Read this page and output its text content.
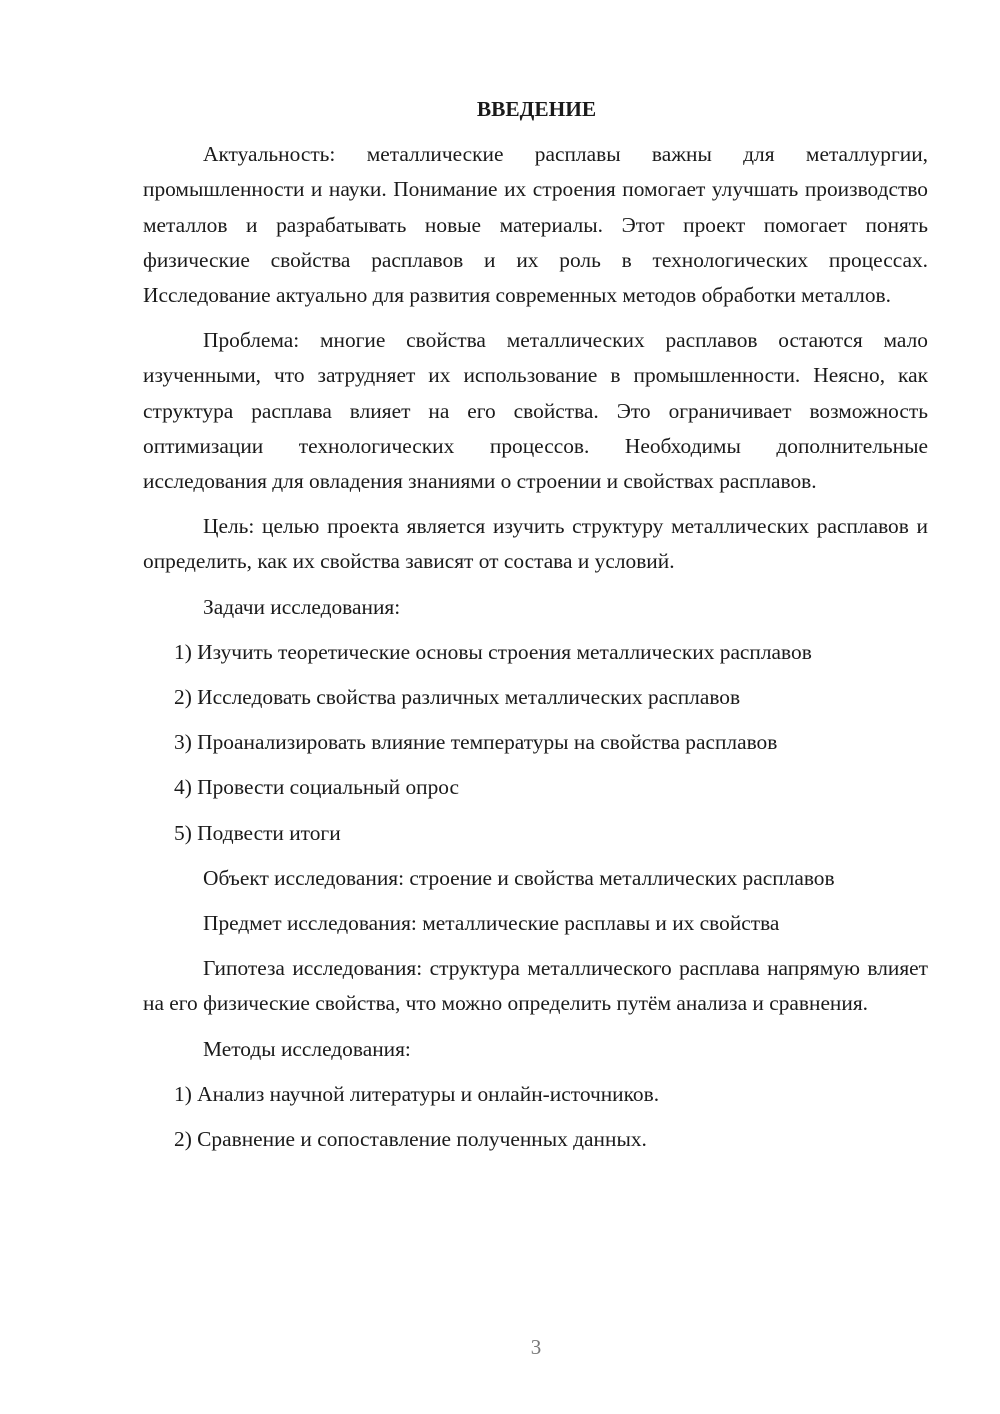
ВВЕДЕНИЕ

Актуальность: металлические расплавы важны для металлургии, промышленности и науки. Понимание их строения помогает улучшать производство металлов и разрабатывать новые материалы. Этот проект помогает понять физические свойства расплавов и их роль в технологических процессах. Исследование актуально для развития современных методов обработки металлов.

Проблема: многие свойства металлических расплавов остаются мало изученными, что затрудняет их использование в промышленности. Неясно, как структура расплава влияет на его свойства. Это ограничивает возможность оптимизации технологических процессов. Необходимы дополнительные исследования для овладения знаниями о строении и свойствах расплавов.

Цель: целью проекта является изучить структуру металлических расплавов и определить, как их свойства зависят от состава и условий.

Задачи исследования:

1) Изучить теоретические основы строения металлических расплавов

2) Исследовать свойства различных металлических расплавов

3) Проанализировать влияние температуры на свойства расплавов

4) Провести социальный опрос

5) Подвести итоги

Объект исследования: строение и свойства металлических расплавов

Предмет исследования: металлические расплавы и их свойства

Гипотеза исследования: структура металлического расплава напрямую влияет на его физические свойства, что можно определить путём анализа и сравнения.

Методы исследования:

1) Анализ научной литературы и онлайн-источников.

2) Сравнение и сопоставление полученных данных.

3
